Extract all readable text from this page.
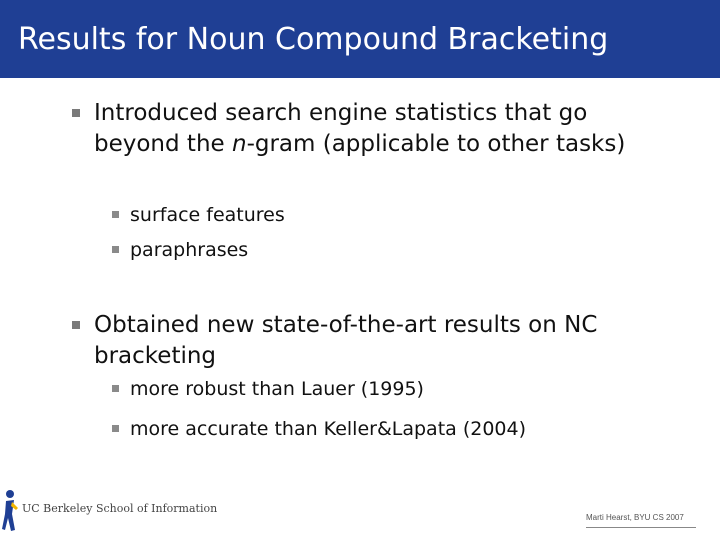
Results for Noun Compound Bracketing
Introduced search engine statistics that go beyond the n-gram (applicable to other tasks)
surface features
paraphrases
Obtained new state-of-the-art results on NC bracketing
more robust than Lauer (1995)
more accurate than Keller&Lapata (2004)
UC Berkeley School of Information
Marti Hearst, BYU CS 2007
